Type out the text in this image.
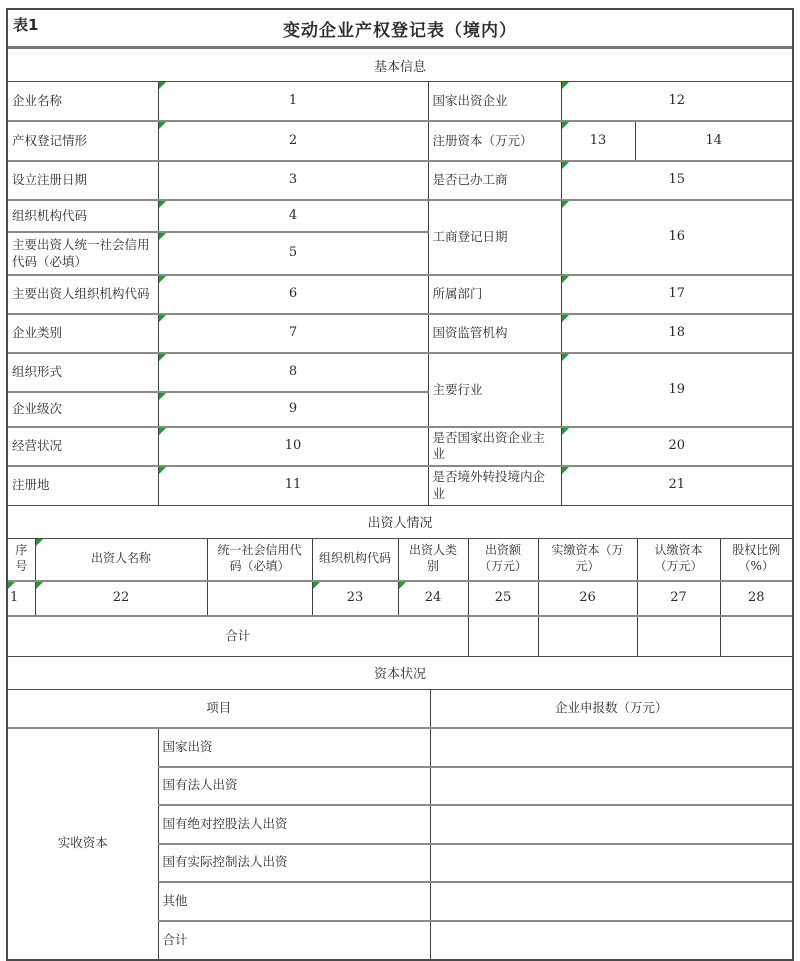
表1	变动企业产权登记表（境内）
基本信息
企业名称	1	国家出资企业	12	
产权登记情形	2	注册资本（万元）	13	14
设立注册日期	3	是否已办工商	15	
组织机构代码	4	工商登记日期	16	
主要出资人统一社会信用代码（必填）	5			
主要出资人组织机构代码	6	所属部门	17	
企业类别	7	国资监管机构	18	
组织形式	8	主要行业	19	
企业级次	9			
经营状况	10	是否国家出资企业主业	20	
注册地	11	是否境外转投境内企业	21	
出资人情况
序号	出资人名称	统一社会信用代码（必填）	组织机构代码	出资人类别	出资额（万元）	实缴资本（万元）	认缴资本（万元）	股权比例（%）

1	22		23	24	25	26	27	28
合计								
资本状况
项目		企业申报数（万元）
实收资本	国家出资	
	国有法人出资	
	国有绝对控股法人出资	
	国有实际控制法人出资	
	其他	
	合计	
